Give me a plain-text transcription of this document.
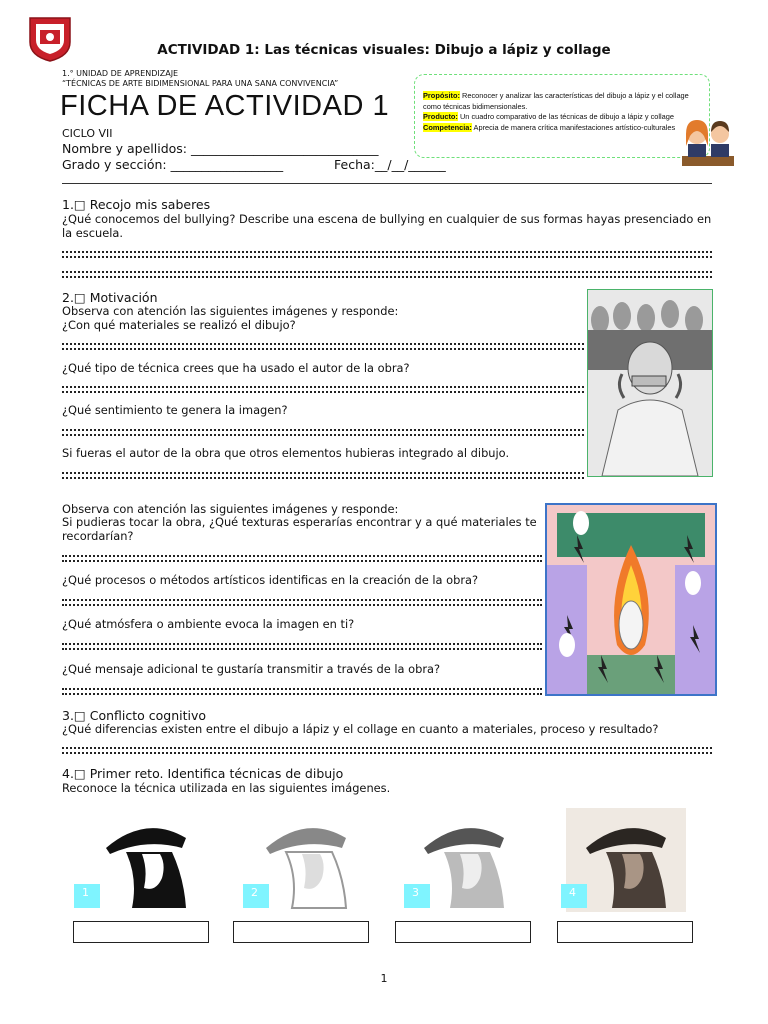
ACTIVIDAD 1: Las técnicas visuales: Dibujo a lápiz y collage
1.° UNIDAD DE APRENDIZAJE
“TÉCNICAS DE ARTE BIDIMENSIONAL PARA UNA SANA CONVIVENCIA”
FICHA DE ACTIVIDAD 1
CICLO VII
Nombre y apellidos: ______________________________
Grado y sección: __________________	Fecha:__/__/______
Propósito: Reconocer y analizar las características del dibujo a lápiz y el collage como técnicas bidimensionales.
Producto: Un cuadro comparativo de las técnicas de dibujo a lápiz y collage
Competencia: Aprecia de manera crítica manifestaciones artístico-culturales
1.□ Recojo mis saberes
¿Qué conocemos del bullying? Describe una escena de bullying en cualquier de sus formas hayas presenciado en la escuela.
2.□ Motivación
Observa con atención las siguientes imágenes y responde:
¿Con qué materiales se realizó el dibujo?
¿Qué tipo de técnica crees que ha usado el autor de la obra?
¿Qué sentimiento te genera la imagen?
Si fueras el autor de la obra que otros elementos hubieras integrado al dibujo.
Observa con atención las siguientes imágenes y responde:
Si pudieras tocar la obra, ¿Qué texturas esperarías encontrar y a qué materiales te recordarían?
¿Qué procesos o métodos artísticos identificas en la creación de la obra?
¿Qué atmósfera o ambiente evoca la imagen en ti?
¿Qué mensaje adicional te gustaría transmitir a través de la obra?
3.□ Conflicto cognitivo
¿Qué diferencias existen entre el dibujo a lápiz y el collage en cuanto a materiales, proceso y resultado?
4.□ Primer reto. Identifica técnicas de dibujo
Reconoce la técnica utilizada en las siguientes imágenes.
1	2	3	4
1
